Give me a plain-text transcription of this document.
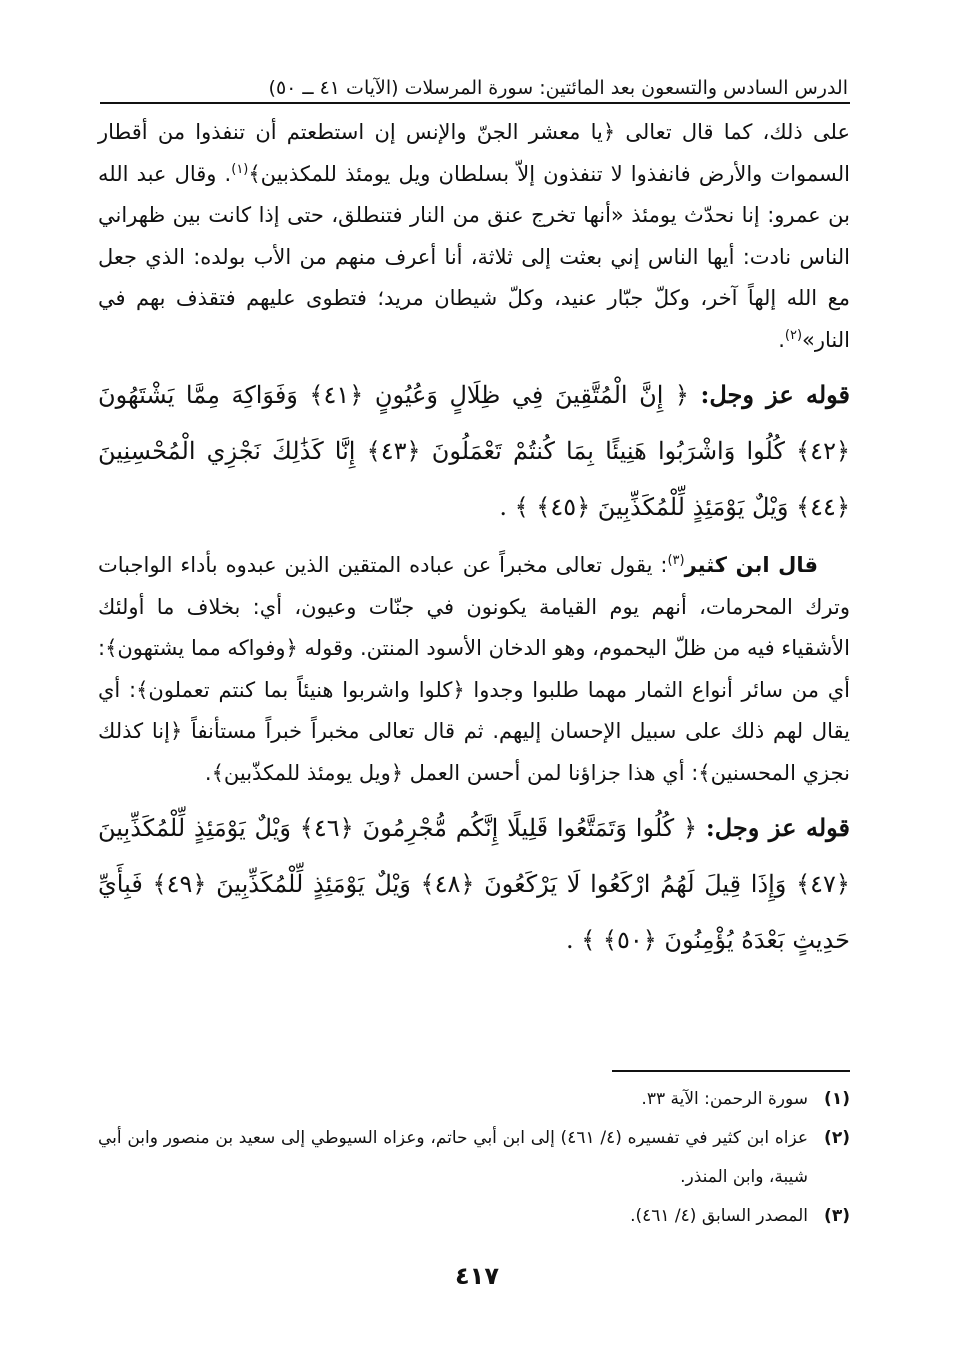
الدرس السادس والتسعون بعد المائتين: سورة المرسلات (الآيات ٤١ ــ ٥٠)

على ذلك، كما قال تعالى ﴿يا معشر الجنّ والإنس إن استطعتم أن تنفذوا من أقطار السموات والأرض فانفذوا لا تنفذون إلاّ بسلطان ويل يومئذ للمكذبين﴾$^{(١)}$. وقال عبد الله بن عمرو: إنا نحدّث يومئذ «أنها تخرج عنق من النار فتنطلق، حتى إذا كانت بين ظهراني الناس نادت: أيها الناس إني بعثت إلى ثلاثة، أنا أعرف منهم من الأب بولده: الذي جعل مع الله إلهاً آخر، وكلّ جبّار عنيد، وكلّ شيطان مريد؛ فتطوى عليهم فتقذف بهم في النار»$^{(٢)}$.

قوله عز وجل: ﴿ إِنَّ الْمُتَّقِينَ فِي ظِلَالٍ وَعُيُونٍ ﴿٤١﴾ وَفَوَاكِهَ مِمَّا يَشْتَهُونَ ﴿٤٢﴾ كُلُوا وَاشْرَبُوا هَنِيئًا بِمَا كُنتُمْ تَعْمَلُونَ ﴿٤٣﴾ إِنَّا كَذَٰلِكَ نَجْزِي الْمُحْسِنِينَ ﴿٤٤﴾ وَيْلٌ يَوْمَئِذٍ لِّلْمُكَذِّبِينَ ﴿٤٥﴾ ﴾ .

قال ابن كثير$^{(٣)}$: يقول تعالى مخبراً عن عباده المتقين الذين عبدوه بأداء الواجبات وترك المحرمات، أنهم يوم القيامة يكونون في جنّات وعيون، أي: بخلاف ما أولئك الأشقياء فيه من ظلّ اليحموم، وهو الدخان الأسود المنتن. وقوله ﴿وفواكه مما يشتهون﴾: أي من سائر أنواع الثمار مهما طلبوا وجدوا ﴿كلوا واشربوا هنيئاً بما كنتم تعملون﴾: أي يقال لهم ذلك على سبيل الإحسان إليهم. ثم قال تعالى مخبراً خبراً مستأنفاً ﴿إنا كذلك نجزي المحسنين﴾: أي هذا جزاؤنا لمن أحسن العمل ﴿ويل يومئذ للمكذّبين﴾.

قوله عز وجل: ﴿ كُلُوا وَتَمَتَّعُوا قَلِيلًا إِنَّكُم مُّجْرِمُونَ ﴿٤٦﴾ وَيْلٌ يَوْمَئِذٍ لِّلْمُكَذِّبِينَ ﴿٤٧﴾ وَإِذَا قِيلَ لَهُمُ ارْكَعُوا لَا يَرْكَعُونَ ﴿٤٨﴾ وَيْلٌ يَوْمَئِذٍ لِّلْمُكَذِّبِينَ ﴿٤٩﴾ فَبِأَيِّ حَدِيثٍ بَعْدَهُ يُؤْمِنُونَ ﴿٥٠﴾ ﴾ .

(١)
سورة الرحمن: الآية ٣٣.
(٢)
عزاه ابن كثير في تفسيره (٤/ ٤٦١) إلى ابن أبي حاتم، وعزاه السيوطي إلى سعيد بن منصور وابن أبي شيبة، وابن المنذر.
(٣)
المصدر السابق (٤/ ٤٦١).
٤١٧
